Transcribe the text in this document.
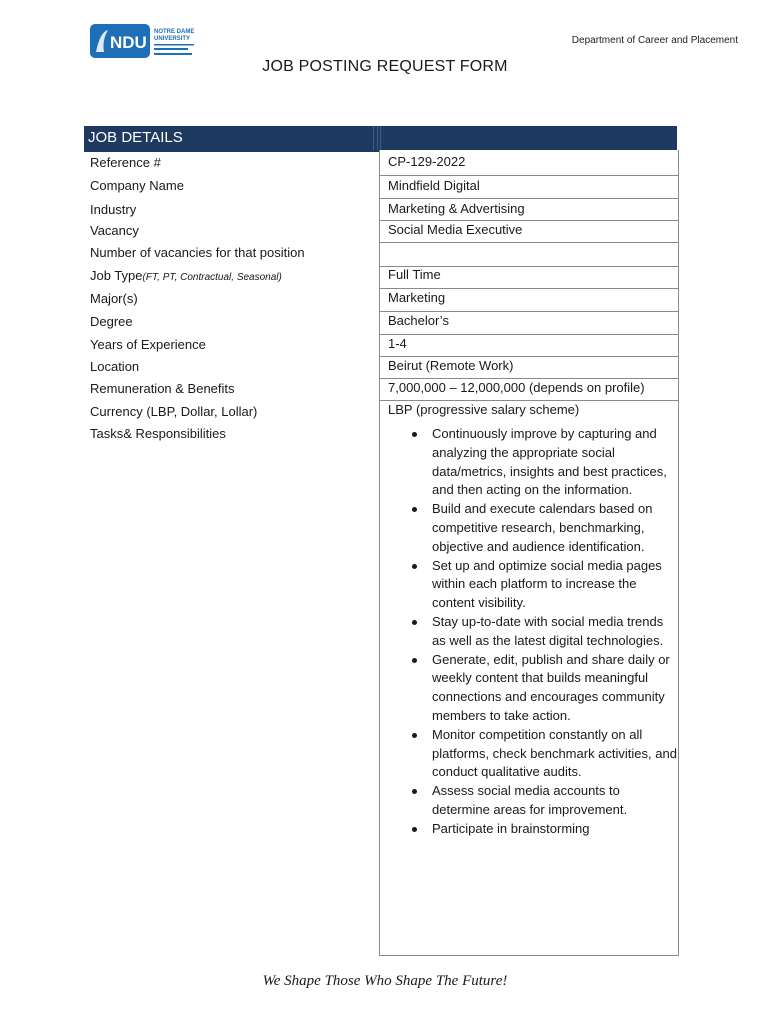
NDU
NOTRE DAME
UNIVERSITY	Department of Career and Placement
JOB POSTING REQUEST FORM
JOB DETAILS
Reference #
Company Name
Industry
Vacancy
Number of vacancies for that position
Job Type(FT, PT, Contractual, Seasonal)
Major(s)
Degree
Years of Experience
Location
Remuneration & Benefits
Currency (LBP, Dollar, Lollar)
Tasks& Responsibilities
CP-129-2022
Mindfield Digital
Marketing & Advertising
Social Media Executive
Full Time
Marketing
Bachelor’s
1-4
Beirut (Remote Work)
7,000,000 – 12,000,000 (depends on profile)
LBP (progressive salary scheme)
Continuously improve by capturing and analyzing the appropriate social data/metrics, insights and best practices, and then acting on the information.
Build and execute calendars based on competitive research, benchmarking, objective and audience identification.
Set up and optimize social media pages within each platform to increase the content visibility.
Stay up-to-date with social media trends as well as the latest digital technologies.
Generate, edit, publish and share daily or weekly content that builds meaningful connections and encourages community members to take action.
Monitor competition constantly on all platforms, check benchmark activities, and conduct qualitative audits.
Assess social media accounts to determine areas for improvement.
Participate in brainstorming
We Shape Those Who Shape The Future!
